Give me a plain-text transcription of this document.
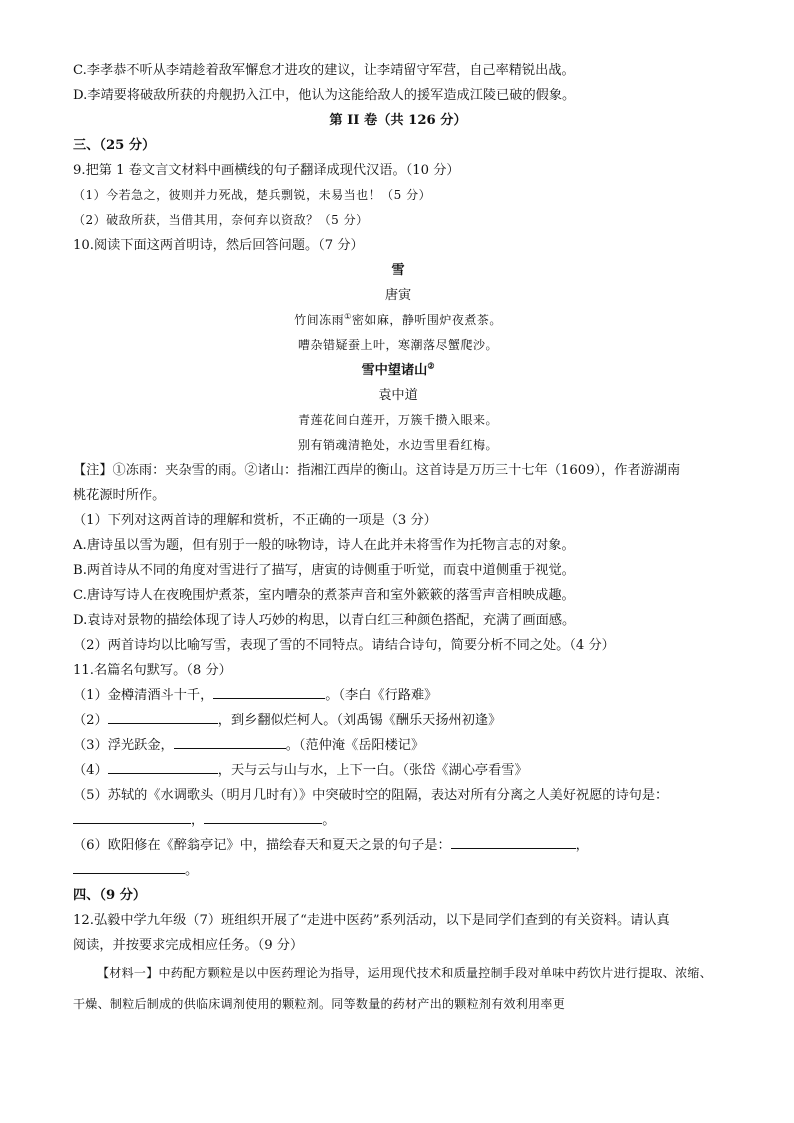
C.李孝恭不听从李靖趁着敌军懈怠才进攻的建议，让李靖留守军营，自己率精锐出战。
D.李靖要将破敌所获的舟舰扔入江中，他认为这能给敌人的援军造成江陵已破的假象。
第 II 卷（共 126 分）
三、（25 分）
9.把第 1 卷文言文材料中画横线的句子翻译成现代汉语。（10 分）
（1）今若急之，彼则并力死战，楚兵剽锐，未易当也！（5 分）
（2）破敌所获，当借其用，奈何弃以资敌？（5 分）
10.阅读下面这两首明诗，然后回答问题。（7 分）
雪
唐寅
竹间冻雨①密如麻，静听围炉夜煮茶。
嘈杂错疑蚕上叶，寒潮落尽蟹爬沙。
雪中望诸山②
袁中道
青莲花间白莲开，万簇千攒入眼来。
别有销魂清艳处，水边雪里看红梅。
【注】①冻雨：夹杂雪的雨。②诸山：指湘江西岸的衡山。这首诗是万历三十七年（1609），作者游湖南
桃花源时所作。
（1）下列对这两首诗的理解和赏析，不正确的一项是（3 分）
A.唐诗虽以雪为题，但有别于一般的咏物诗，诗人在此并未将雪作为托物言志的对象。
B.两首诗从不同的角度对雪进行了描写，唐寅的诗侧重于听觉，而袁中道侧重于视觉。
C.唐诗写诗人在夜晚围炉煮茶，室内嘈杂的煮茶声音和室外簌簌的落雪声音相映成趣。
D.袁诗对景物的描绘体现了诗人巧妙的构思，以青白红三种颜色搭配，充满了画面感。
（2）两首诗均以比喻写雪，表现了雪的不同特点。请结合诗句，简要分析不同之处。（4 分）
11.名篇名句默写。（8 分）
（1）金樽清酒斗十千，	。（李白《行路难》
（2）	，到乡翻似烂柯人。（刘禹锡《酬乐天扬州初逢》
（3）浮光跃金，	。（范仲淹《岳阳楼记》
（4）	，天与云与山与水，上下一白。（张岱《湖心亭看雪》
（5）苏轼的《水调歌头（明月几时有）》中突破时空的阻隔，表达对所有分离之人美好祝愿的诗句是：
，	。
（6）欧阳修在《醉翁亭记》中，描绘春天和夏天之景的句子是：	，
。
四、（9 分）
12.弘毅中学九年级（7）班组织开展了“走进中医药”系列活动，以下是同学们查到的有关资料。请认真
阅读，并按要求完成相应任务。（9 分）
【材料一】中药配方颗粒是以中医药理论为指导，运用现代技术和质量控制手段对单味中药饮片进行提取、浓缩、干燥、制粒后制成的供临床调剂使用的颗粒剂。同等数量的药材产出的颗粒剂有效利用率更
